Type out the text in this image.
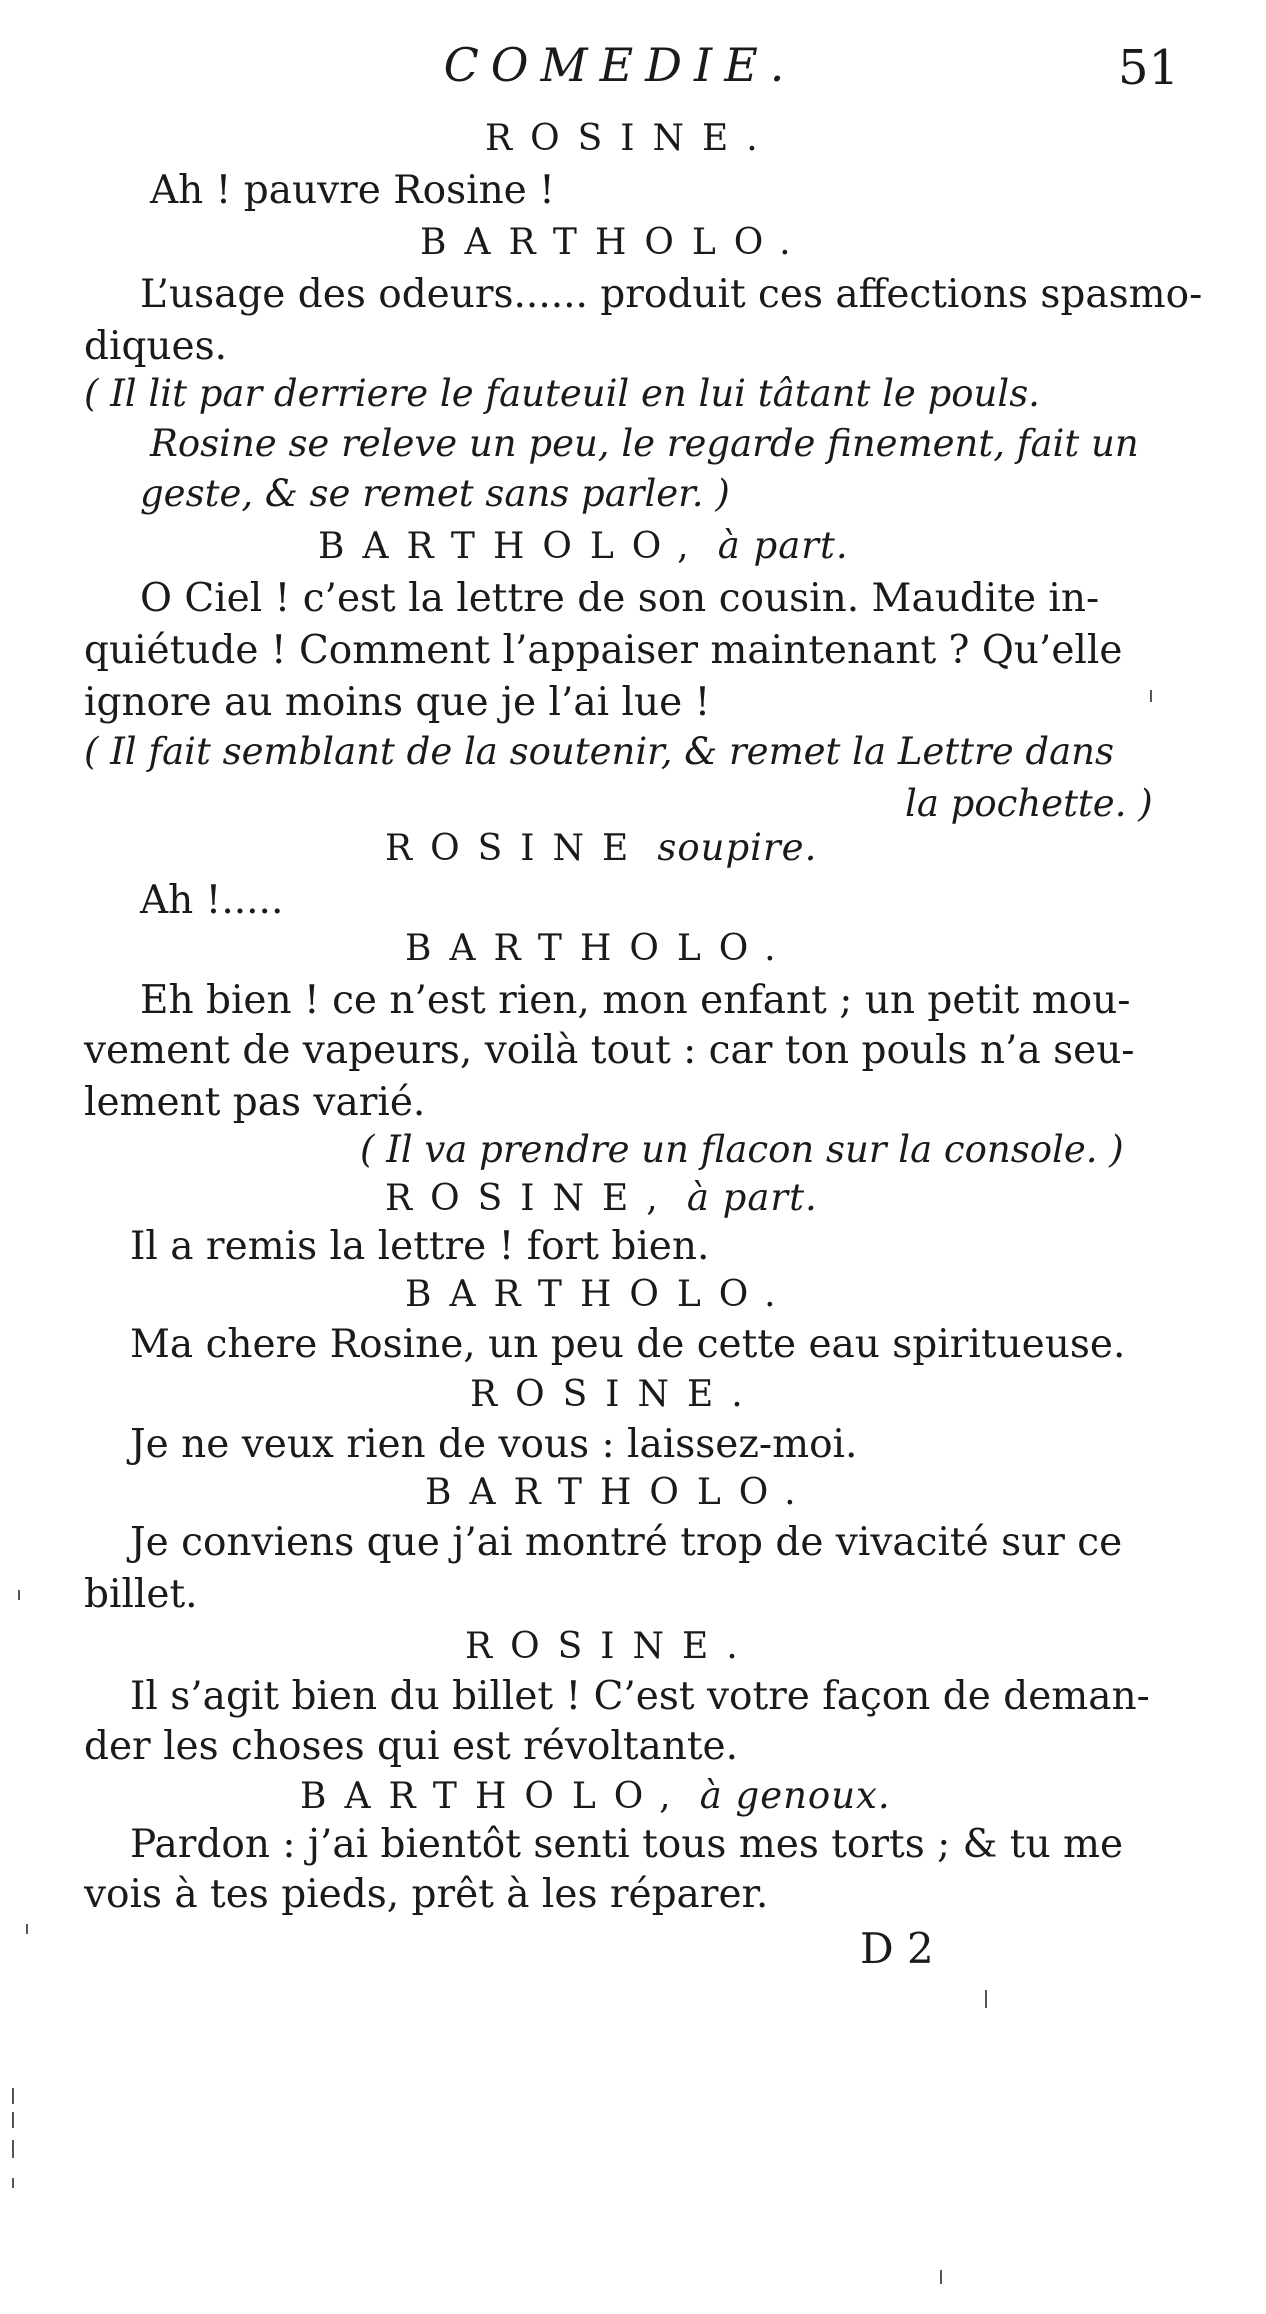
COMEDIE.	51
ROSINE.
Ah ! pauvre Rosine !
BARTHOLO.
L’usage des odeurs...... produit ces affections spasmo-
diques.
( Il lit par derriere le fauteuil en lui tâtant le pouls.
Rosine se releve un peu, le regarde finement, fait un
geste, & se remet sans parler. )
BARTHOLO, à part.
O Ciel ! c’est la lettre de son cousin. Maudite in-
quiétude ! Comment l’appaiser maintenant ? Qu’elle
ignore au moins que je l’ai lue !
( Il fait semblant de la soutenir, & remet la Lettre dans
la pochette. )
ROSINE soupire.
Ah !.....
BARTHOLO.
Eh bien ! ce n’est rien, mon enfant ; un petit mou-
vement de vapeurs, voilà tout : car ton pouls n’a seu-
lement pas varié.
( Il va prendre un flacon sur la console. )
ROSINE, à part.
Il a remis la lettre ! fort bien.
BARTHOLO.
Ma chere Rosine, un peu de cette eau spiritueuse.
ROSINE.
Je ne veux rien de vous : laissez-moi.
BARTHOLO.
Je conviens que j’ai montré trop de vivacité sur ce
billet.
ROSINE.
Il s’agit bien du billet ! C’est votre façon de deman-
der les choses qui est révoltante.
BARTHOLO, à genoux.
Pardon : j’ai bientôt senti tous mes torts ; & tu me
vois à tes pieds, prêt à les réparer.
D 2
